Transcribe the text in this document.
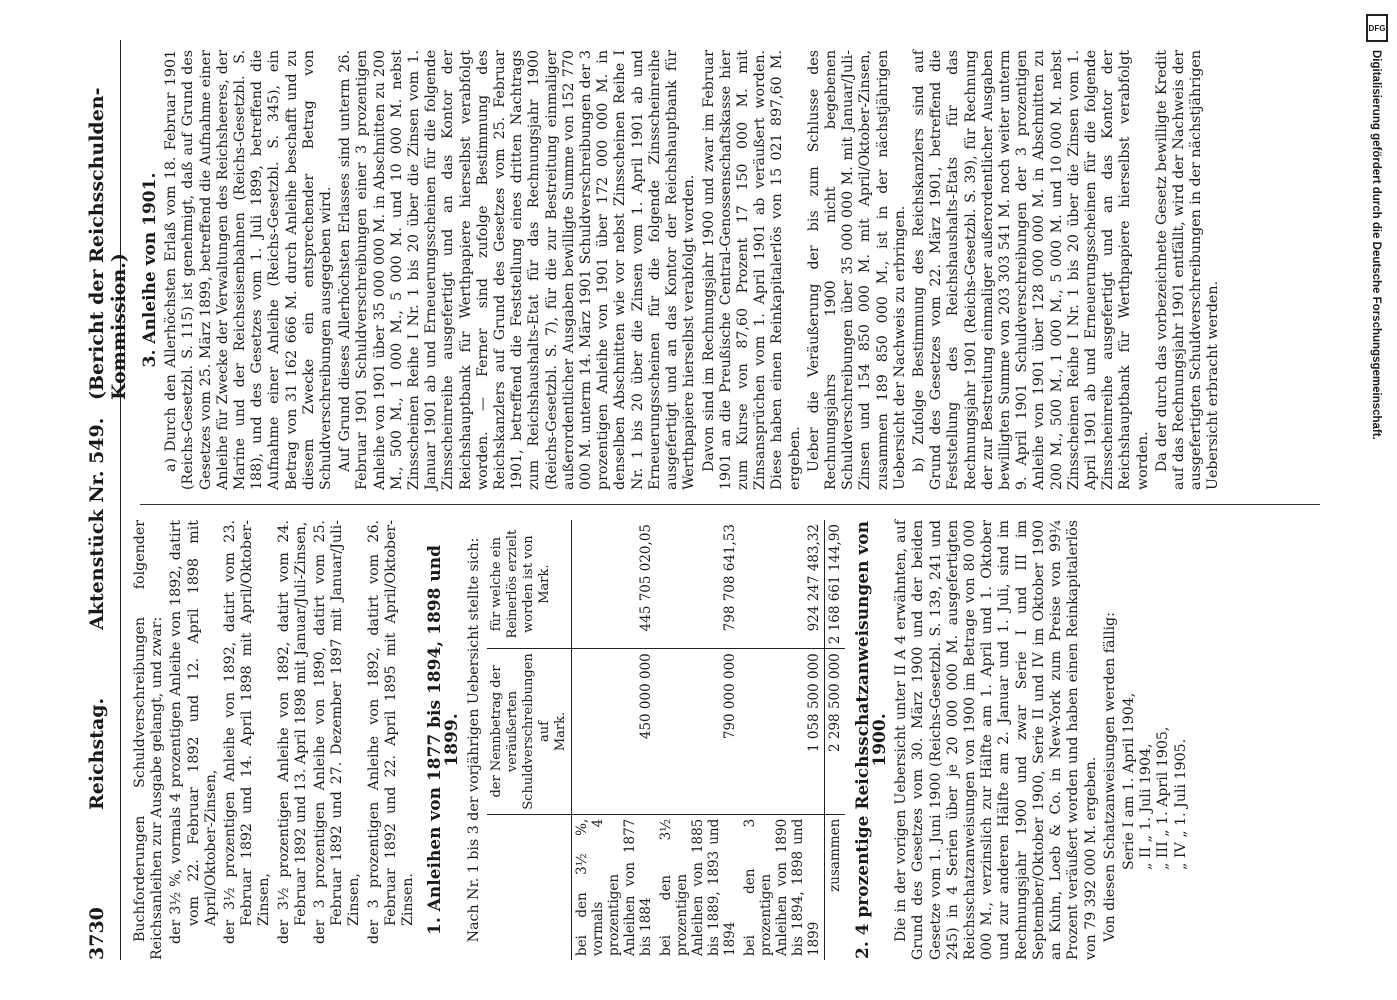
3730
Reichstag.
Aktenstück Nr. 549.
(Bericht der Reichsschulden-Kommission.)

Buchforderungen Schuldverschreibungen folgender Reichsanleihen zur Ausgabe gelangt, und zwar: der 3½ %, vormals 4 prozentigen Anleihe von 1892, datirt vom 22. Februar 1892 und 12. April 1898 mit April/Oktober-Zinsen, der 3½ prozentigen Anleihe von 1892, datirt vom 23. Februar 1892 und 14. April 1898 mit April/Oktober-Zinsen, der 3½ prozentigen Anleihe von 1892, datirt vom 24. Februar 1892 und 13. April 1898 mit Januar/Juli-Zinsen, der 3 prozentigen Anleihe von 1890, datirt vom 25. Februar 1892 und 27. Dezember 1897 mit Januar/Juli-Zinsen, der 3 prozentigen Anleihe von 1892, datirt vom 26. Februar 1892 und 22. April 1895 mit April/Oktober-Zinsen. 1. Anleihen von 1877 bis 1894, 1898 und 1899. Nach Nr. 1 bis 3 der vorjährigen Uebersicht stellte sich:

	der Nennbetrag der veräußerten Schuldverschreibungen auf
Mark.	für welche ein Reinerlös erzielt worden ist von
Mark.
bei den 3½ %, vormals 4 prozentigen Anleihen von 1877 bis 1884	450 000 000	445 705 020,05
bei den 3½ prozentigen Anleihen von 1885 bis 1889, 1893 und 1894	790 000 000	798 708 641,53
bei den 3 prozentigen Anleihen von 1890 bis 1894, 1898 und 1899	1 058 500 000	924 247 483,32
zusammen	2 298 500 000	2 168 661 144,90 2. 4 prozentige Reichsschatzanweisungen von 1900. Die in der vorigen Uebersicht unter II A 4 erwähnten, auf Grund des Gesetzes vom 30. März 1900 und der beiden Gesetze vom 1. Juni 1900 (Reichs-Gesetzbl. S. 139, 241 und 245) in 4 Serien über je 20 000 000 M. ausgefertigten Reichsschatzanweisungen von 1900 im Betrage von 80 000 000 M., verzinslich zur Hälfte am 1. April und 1. Oktober und zur anderen Hälfte am 2. Januar und 1. Juli, sind im Rechnungsjahr 1900 und zwar Serie I und III im September/Oktober 1900, Serie II und IV im Oktober 1900 an Kuhn, Loeb & Co. in New-York zum Preise von 99¼ Prozent veräußert worden und haben einen Reinkapitalerlös von 79 392 000 M. ergeben. Von diesen Schatzanweisungen werden fällig: Serie I am 1. April 1904, „ II „ 1. Juli 1904, „ III „ 1. April 1905, „ IV „ 1. Juli 1905.

3. Anleihe von 1901. a) Durch den Allerhöchsten Erlaß vom 18. Februar 1901 (Reichs-Gesetzbl. S. 115) ist genehmigt, daß auf Grund des Gesetzes vom 25. März 1899, betreffend die Aufnahme einer Anleihe für Zwecke der Verwaltungen des Reichsheeres, der Marine und der Reichseisenbahnen (Reichs-Gesetzbl. S. 188), und des Gesetzes vom 1. Juli 1899, betreffend die Aufnahme einer Anleihe (Reichs-Gesetzbl. S. 345), ein Betrag von 31 162 666 M. durch Anleihe beschafft und zu diesem Zwecke ein entsprechender Betrag von Schuldverschreibungen ausgegeben wird. Auf Grund dieses Allerhöchsten Erlasses sind unterm 26. Februar 1901 Schuldverschreibungen einer 3 prozentigen Anleihe von 1901 über 35 000 000 M. in Abschnitten zu 200 M., 500 M., 1 000 M., 5 000 M. und 10 000 M. nebst Zinsscheinen Reihe I Nr. 1 bis 20 über die Zinsen vom 1. Januar 1901 ab und Erneuerungsscheinen für die folgende Zinsscheinreihe ausgefertigt und an das Kontor der Reichshauptbank für Werthpapiere hierselbst verabfolgt worden. — Ferner sind zufolge Bestimmung des Reichskanzlers auf Grund des Gesetzes vom 25. Februar 1901, betreffend die Feststellung eines dritten Nachtrags zum Reichshaushalts-Etat für das Rechnungsjahr 1900 (Reichs-Gesetzbl. S. 7), für die zur Bestreitung einmaliger außerordentlicher Ausgaben bewilligte Summe von 152 770 000 M. unterm 14. März 1901 Schuldverschreibungen der 3 prozentigen Anleihe von 1901 über 172 000 000 M. in denselben Abschnitten wie vor nebst Zinsscheinen Reihe I Nr. 1 bis 20 über die Zinsen vom 1. April 1901 ab und Erneuerungsscheinen für die folgende Zinsscheinreihe ausgefertigt und an das Kontor der Reichshauptbank für Werthpapiere hierselbst verabfolgt worden. Davon sind im Rechnungsjahr 1900 und zwar im Februar 1901 an die Preußische Central-Genossenschaftskasse hier zum Kurse von 87,60 Prozent 17 150 000 M. mit Zinsansprüchen vom 1. April 1901 ab veräußert worden. Diese haben einen Reinkapitalerlös von 15 021 897,60 M. ergeben. Ueber die Veräußerung der bis zum Schlusse des Rechnungsjahrs 1900 nicht begebenen Schuldverschreibungen über 35 000 000 M. mit Januar/Juli-Zinsen und 154 850 000 M. mit April/Oktober-Zinsen, zusammen 189 850 000 M., ist in der nächstjährigen Uebersicht der Nachweis zu erbringen. b) Zufolge Bestimmung des Reichskanzlers sind auf Grund des Gesetzes vom 22. März 1901, betreffend die Feststellung des Reichshaushalts-Etats für das Rechnungsjahr 1901 (Reichs-Gesetzbl. S. 39), für Rechnung der zur Bestreitung einmaliger außerordentlicher Ausgaben bewilligten Summe von 203 303 541 M. noch weiter unterm 9. April 1901 Schuldverschreibungen der 3 prozentigen Anleihe von 1901 über 128 000 000 M. in Abschnitten zu 200 M., 500 M., 1 000 M., 5 000 M. und 10 000 M. nebst Zinsscheinen Reihe I Nr. 1 bis 20 über die Zinsen vom 1. April 1901 ab und Erneuerungsscheinen für die folgende Zinsscheinreihe ausgefertigt und an das Kontor der Reichshauptbank für Werthpapiere hierselbst verabfolgt worden. Da der durch das vorbezeichnete Gesetz bewilligte Kredit auf das Rechnungsjahr 1901 entfällt, wird der Nachweis der ausgefertigten Schuldverschreibungen in der nächstjährigen Uebersicht erbracht werden.

DFG
Digitalisierung gefördert durch die Deutsche Forschungsgemeinschaft.
